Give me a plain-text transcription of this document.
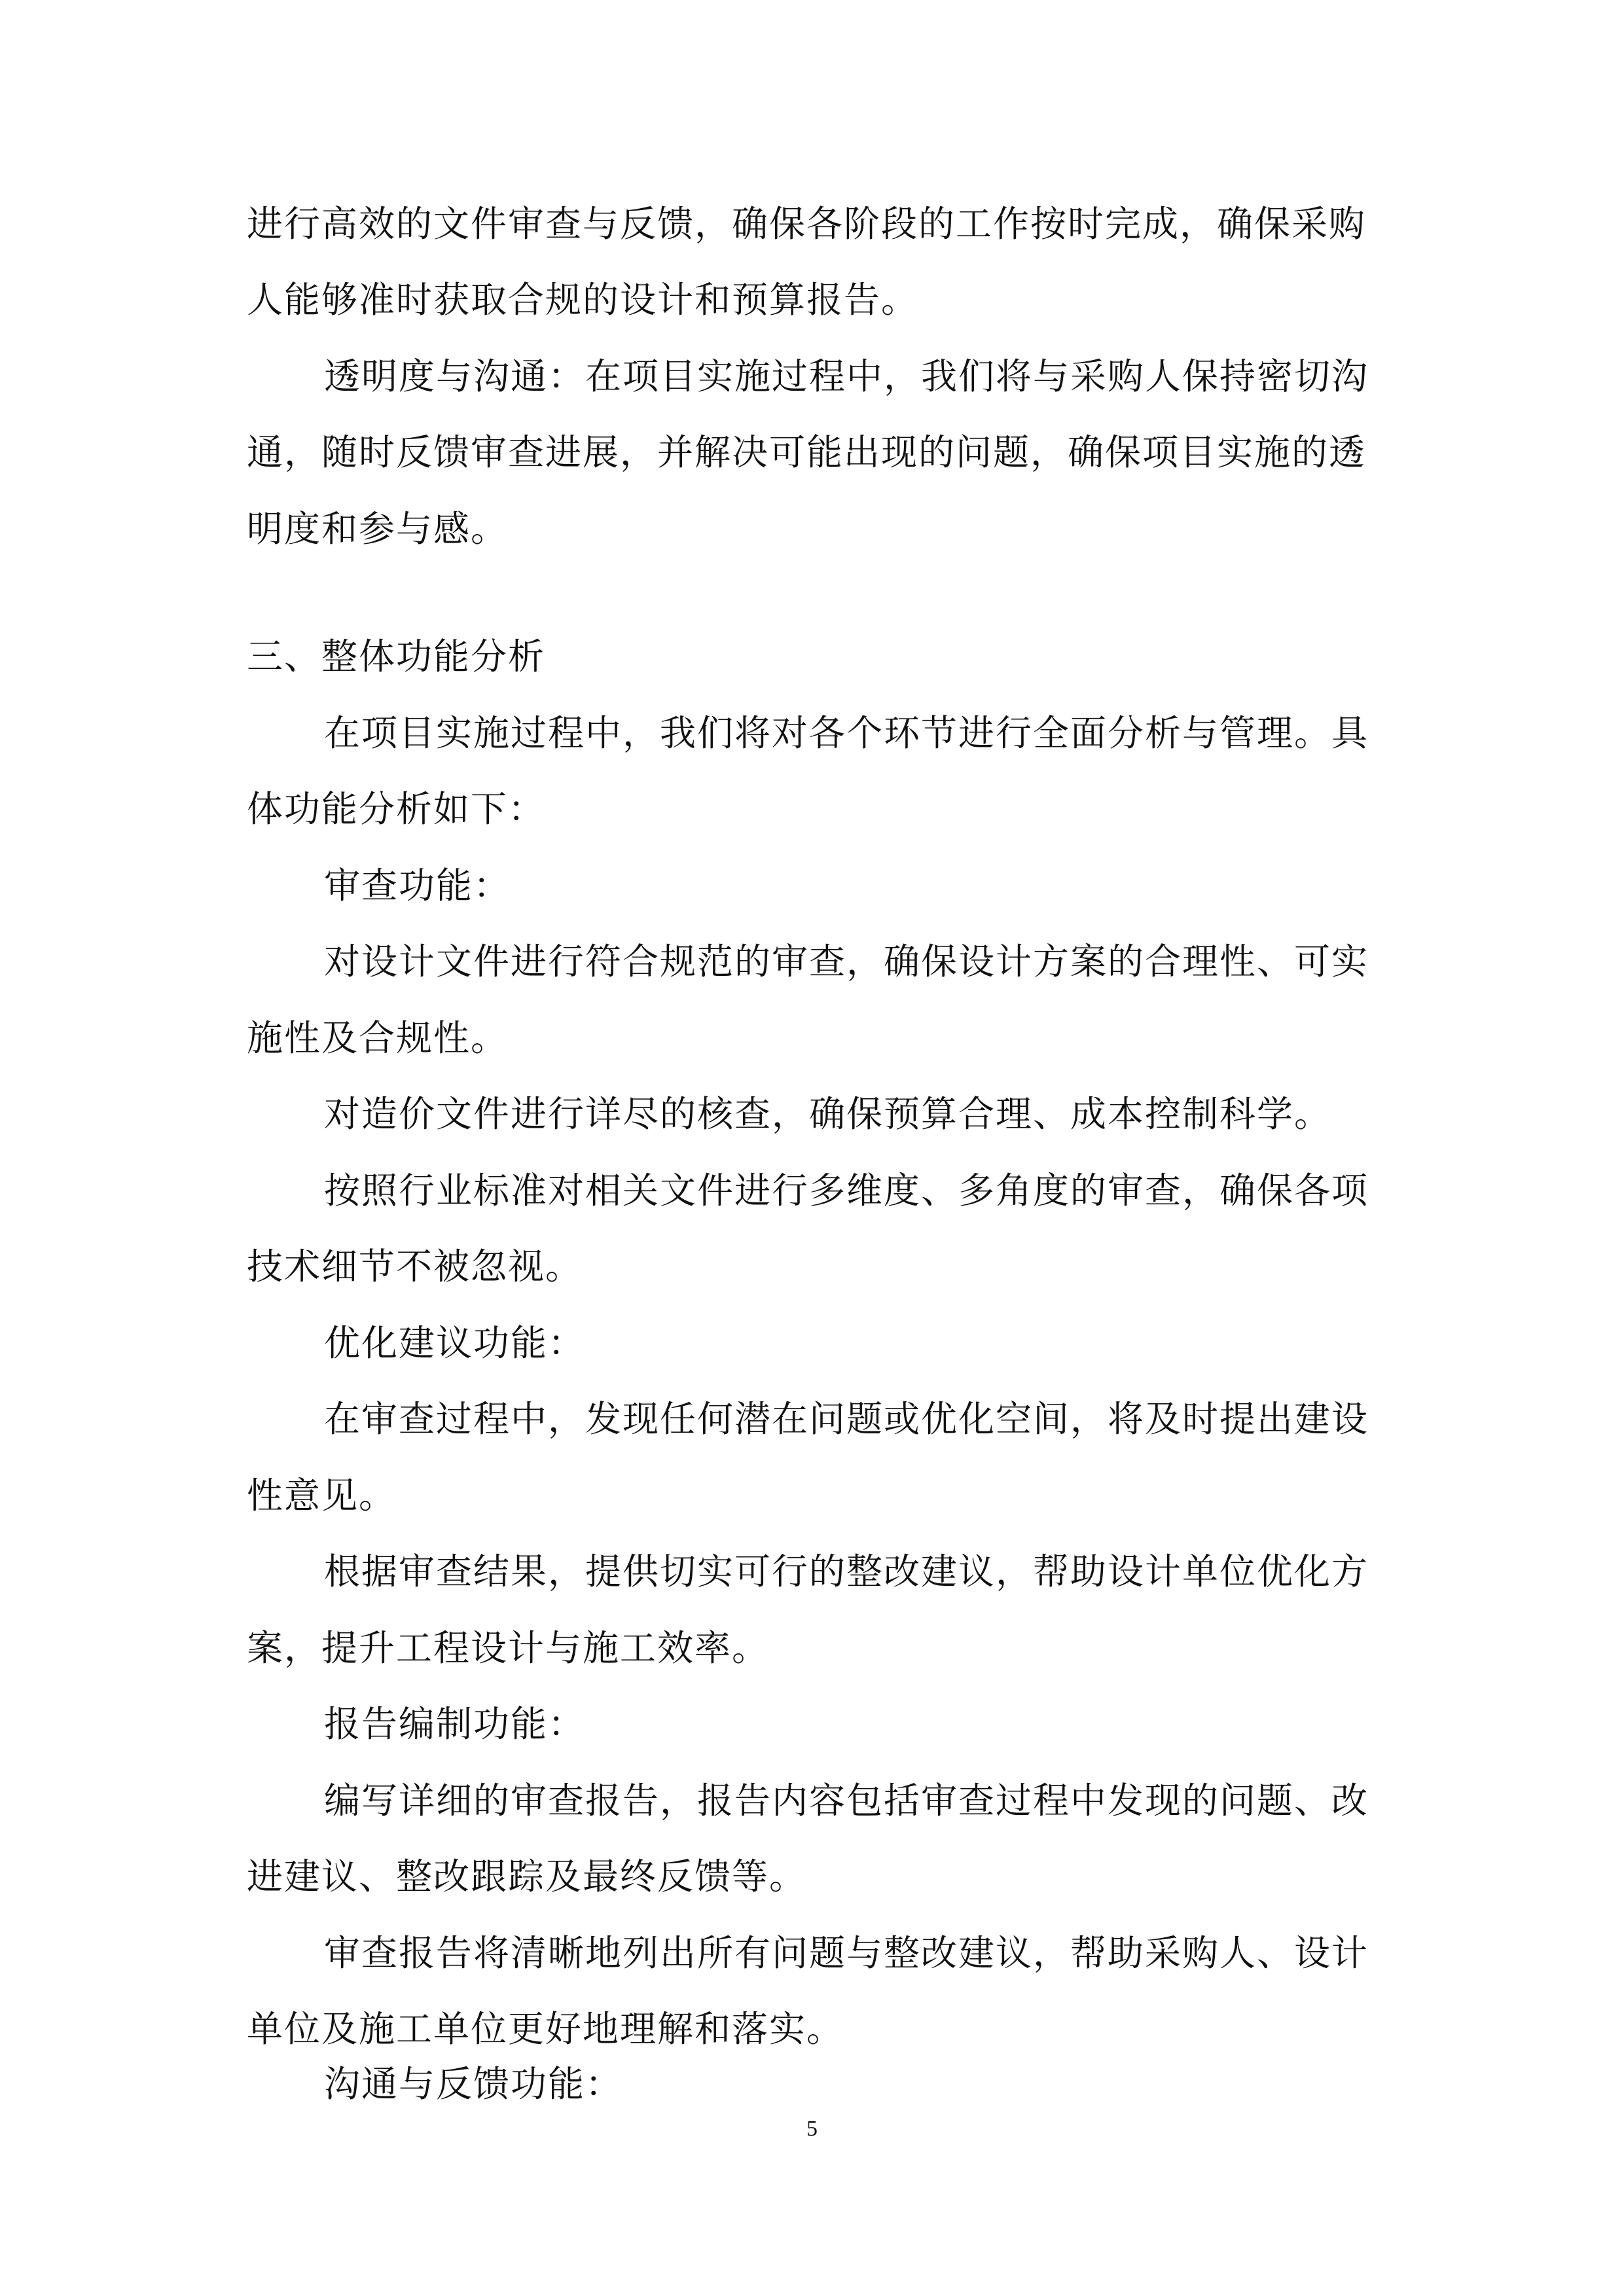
进行高效的文件审查与反馈，确保各阶段的工作按时完成，确保采购
人能够准时获取合规的设计和预算报告。
透明度与沟通：在项目实施过程中，我们将与采购人保持密切沟
通，随时反馈审查进展，并解决可能出现的问题，确保项目实施的透
明度和参与感。
三、整体功能分析
在项目实施过程中，我们将对各个环节进行全面分析与管理。具
体功能分析如下：
审查功能：
对设计文件进行符合规范的审查，确保设计方案的合理性、可实
施性及合规性。
对造价文件进行详尽的核查，确保预算合理、成本控制科学。
按照行业标准对相关文件进行多维度、多角度的审查，确保各项
技术细节不被忽视。
优化建议功能：
在审查过程中，发现任何潜在问题或优化空间，将及时提出建设
性意见。
根据审查结果，提供切实可行的整改建议，帮助设计单位优化方
案，提升工程设计与施工效率。
报告编制功能：
编写详细的审查报告，报告内容包括审查过程中发现的问题、改
进建议、整改跟踪及最终反馈等。
审查报告将清晰地列出所有问题与整改建议，帮助采购人、设计
单位及施工单位更好地理解和落实。
沟通与反馈功能：
5
